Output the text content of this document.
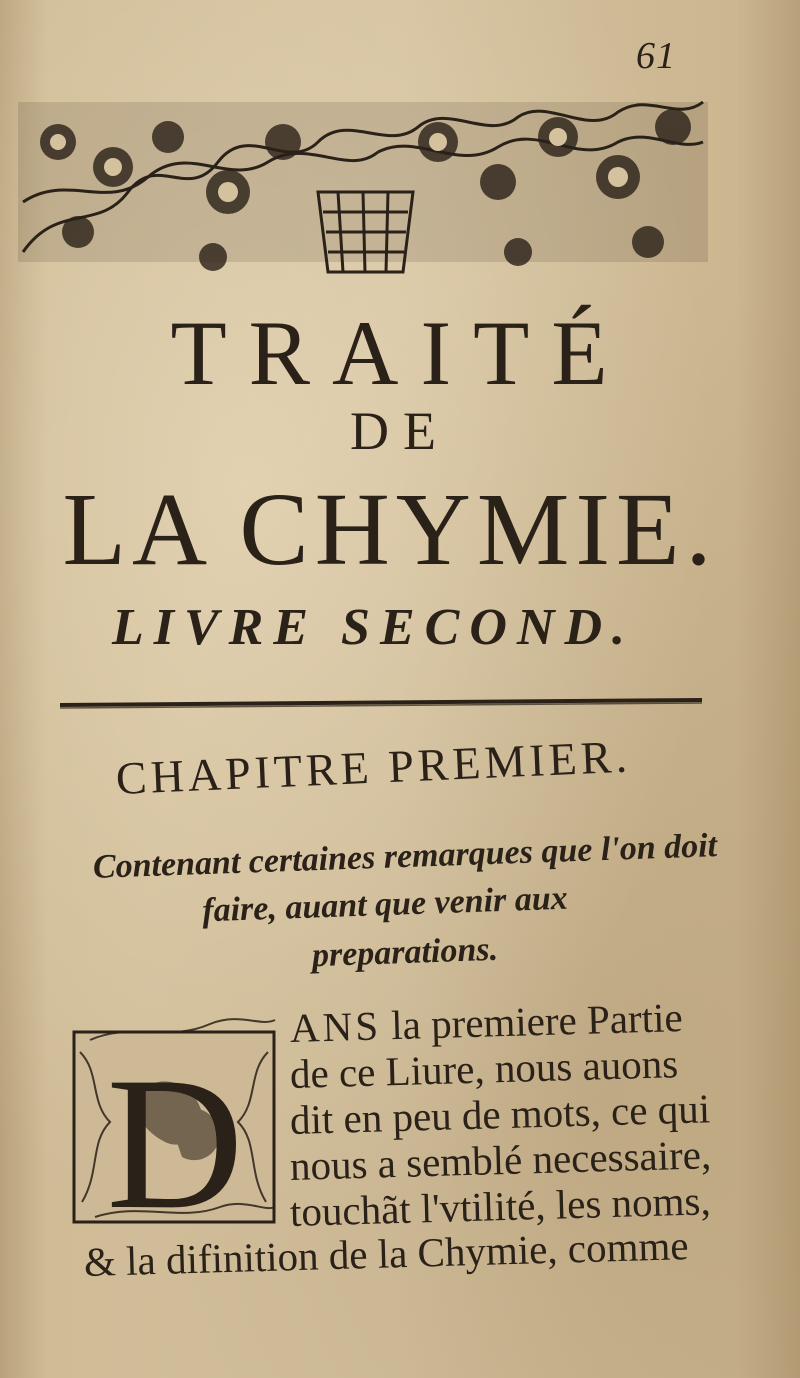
61
TRAITÉ
DE
LA CHYMIE.
LIVRE SECOND.
CHAPITRE PREMIER.
Contenant certaines remarques que l'on doit
faire, auant que venir aux
preparations.
D
ANS la premiere Partie
de ce Liure, nous auons
dit en peu de mots, ce qui
nous a semblé necessaire,
touchãt l'vtilité, les noms,
& la difinition de la Chymie, comme
